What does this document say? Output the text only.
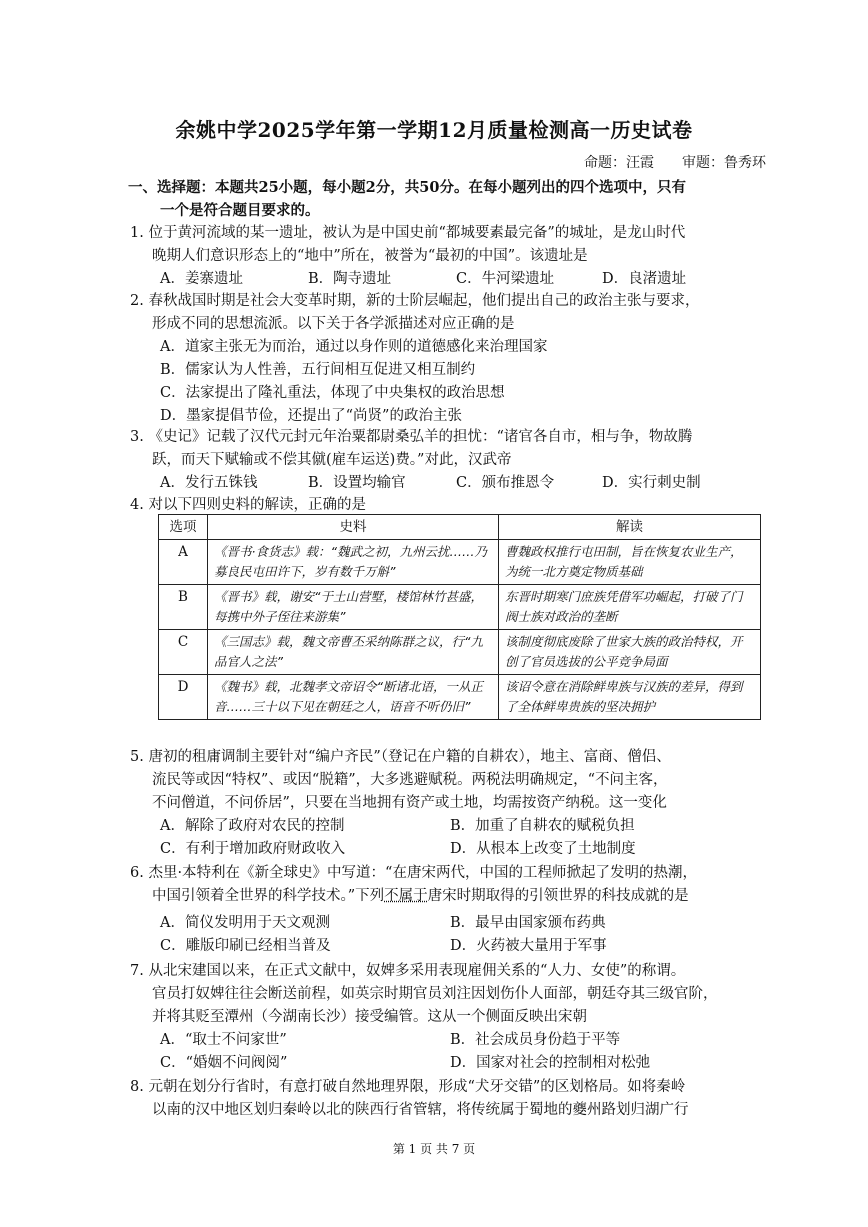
余姚中学2025学年第一学期12月质量检测高一历史试卷
命题：汪霞 审题：鲁秀环
一、选择题：本题共25小题，每小题2分，共50分。在每小题列出的四个选项中，只有
一个是符合题目要求的。
1. 位于黄河流域的某一遗址，被认为是中国史前“都城要素最完备”的城址，是龙山时代
晚期人们意识形态上的“地中”所在，被誉为“最初的中国”。该遗址是
A．姜寨遗址	B．陶寺遗址	C．牛河梁遗址	D．良渚遗址
2. 春秋战国时期是社会大变革时期，新的士阶层崛起，他们提出自己的政治主张与要求，
形成不同的思想流派。以下关于各学派描述对应正确的是
A．道家主张无为而治，通过以身作则的道德感化来治理国家
B．儒家认为人性善，五行间相互促进又相互制约
C．法家提出了隆礼重法，体现了中央集权的政治思想
D．墨家提倡节俭，还提出了“尚贤”的政治主张
3. 《史记》记载了汉代元封元年治粟都尉桑弘羊的担忧：“诸官各自市，相与争，物故腾
跃，而天下赋输或不偿其僦(雇车运送)费。”对此，汉武帝
A．发行五铢钱	B．设置均输官	C．颁布推恩令	D．实行刺史制
4. 对以下四则史料的解读，正确的是
选项	史料	解读
A	《晋书·食货志》载：“魏武之初，九州云扰……乃募良民屯田许下，岁有数千万斛”	曹魏政权推行屯田制，旨在恢复农业生产，为统一北方奠定物质基础
B	《晋书》载，谢安“于土山营墅，楼馆林竹甚盛，每携中外子侄往来游集”	东晋时期寒门庶族凭借军功崛起，打破了门阀士族对政治的垄断
C	《三国志》载，魏文帝曹丕采纳陈群之议，行“九品官人之法”	该制度彻底废除了世家大族的政治特权，开创了官员选拔的公平竞争局面
D	《魏书》载，北魏孝文帝诏令“断诸北语，一从正音……三十以下见在朝廷之人，语音不听仍旧”	该诏令意在消除鲜卑族与汉族的差异，得到了全体鲜卑贵族的坚决拥护
5. 唐初的租庸调制主要针对“编户齐民”（登记在户籍的自耕农），地主、富商、僧侣、
流民等或因“特权”、或因“脱籍”，大多逃避赋税。两税法明确规定，“不问主客，
不问僧道，不问侨居”，只要在当地拥有资产或土地，均需按资产纳税。这一变化
A．解除了政府对农民的控制	B．加重了自耕农的赋税负担
C．有利于增加政府财政收入	D．从根本上改变了土地制度
6. 杰里·本特利在《新全球史》中写道：“在唐宋两代，中国的工程师掀起了发明的热潮，
中国引领着全世界的科学技术。”下列不属于唐宋时期取得的引领世界的科技成就的是
A．简仪发明用于天文观测	B．最早由国家颁布药典
C．雕版印刷已经相当普及	D．火药被大量用于军事
7. 从北宋建国以来，在正式文献中，奴婢多采用表现雇佣关系的“人力、女使”的称谓。
官员打奴婢往往会断送前程，如英宗时期官员刘注因划伤仆人面部，朝廷夺其三级官阶，
并将其贬至潭州（今湖南长沙）接受编管。这从一个侧面反映出宋朝
A．“取士不问家世”	B．社会成员身份趋于平等
C．“婚姻不问阀阅”	D．国家对社会的控制相对松弛
8. 元朝在划分行省时，有意打破自然地理界限，形成“犬牙交错”的区划格局。如将秦岭
以南的汉中地区划归秦岭以北的陕西行省管辖，将传统属于蜀地的夔州路划归湖广行
第 1 页 共 7 页
